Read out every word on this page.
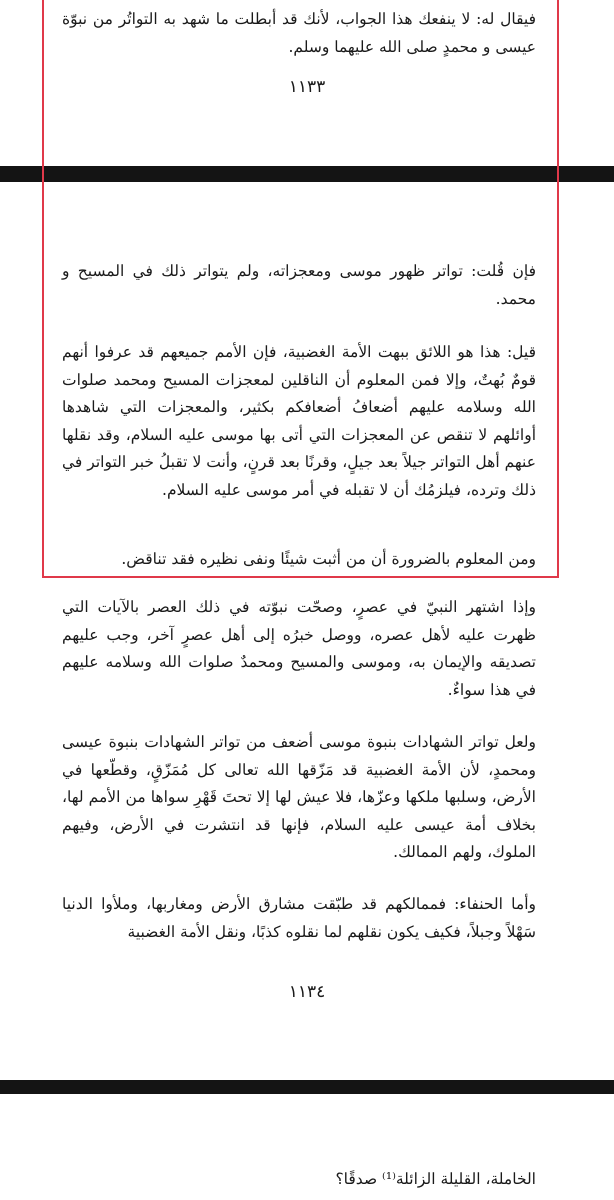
فيقال له: لا ينفعك هذا الجواب، لأنك قد أبطلت ما شهد به التواتُر من نبوّة عيسى و محمدٍ صلى الله عليهما وسلم.

١١٣٣

فإن قُلت: تواتر ظهور موسى ومعجزاته، ولم يتواتر ذلك في المسيح و محمد.

قيل: هذا هو اللائق ببهت الأمة الغضبية، فإن الأمم جميعهم قد عرفوا أنهم قومٌ بُهتٌ، وإلا فمن المعلوم أن الناقلين لمعجزات المسيح ومحمد صلوات الله وسلامه عليهم أضعافُ أضعافكم بكثير، والمعجزات التي شاهدها أوائلهم لا تنقص عن المعجزات التي أتى بها موسى عليه السلام، وقد نقلها عنهم أهل التواتر جيلاً بعد جيلٍ، وقرنًا بعد قرنٍ، وأنت لا تقبلُ خبر التواتر في ذلك وترده، فيلزمُك أن لا تقبله في أمر موسى عليه السلام.

ومن المعلوم بالضرورة أن من أثبت شيئًا ونفى نظيره فقد تناقض.

وإذا اشتهر النبيّ في عصرٍ، وصحّت نبوّته في ذلك العصر بالآيات التي ظهرت عليه لأهل عصره، ووصل خبرُه إلى أهل عصرٍ آخر، وجب عليهم تصديقه والإيمان به، وموسى والمسيح ومحمدٌ صلوات الله وسلامه عليهم في هذا سواءٌ.

ولعل تواتر الشهادات بنبوة موسى أضعف من تواتر الشهادات بنبوة عيسى ومحمدٍ، لأن الأمة الغضبية قد مَزّقها الله تعالى كل مُمَزّقٍ، وقطّعها في الأرض، وسلبها ملكها وعزّها، فلا عيش لها إلا تحتَ قَهْرِ سواها من الأمم لها، بخلاف أمة عيسى عليه السلام، فإنها قد انتشرت في الأرض، وفيهم الملوك، ولهم الممالك.

وأما الحنفاء: فممالكهم قد طبّقت مشارق الأرض ومغاربها، وملأوا الدنيا سَهْلاً وجبلاً، فكيف يكون نقلهم لما نقلوه كذبًا، ونقل الأمة الغضبية

١١٣٤

الخاملة، القليلة الزائلة⁽¹⁾ صدقًا؟
